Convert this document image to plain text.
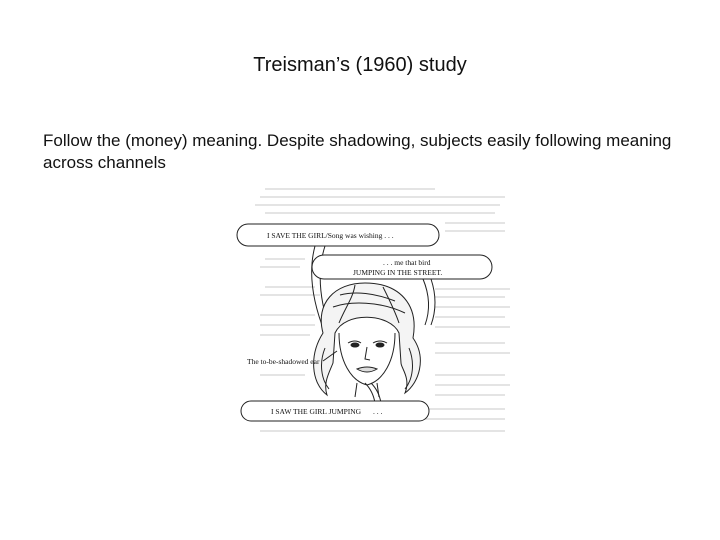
Treisman’s (1960) study
Follow the (money) meaning. Despite shadowing, subjects easily following meaning across channels
I SAVE THE GIRL/Song was wishing . . .
. . . me that bird
JUMPING IN THE STREET.
The to-be-shadowed ear
I SAW THE GIRL JUMPING . . .
